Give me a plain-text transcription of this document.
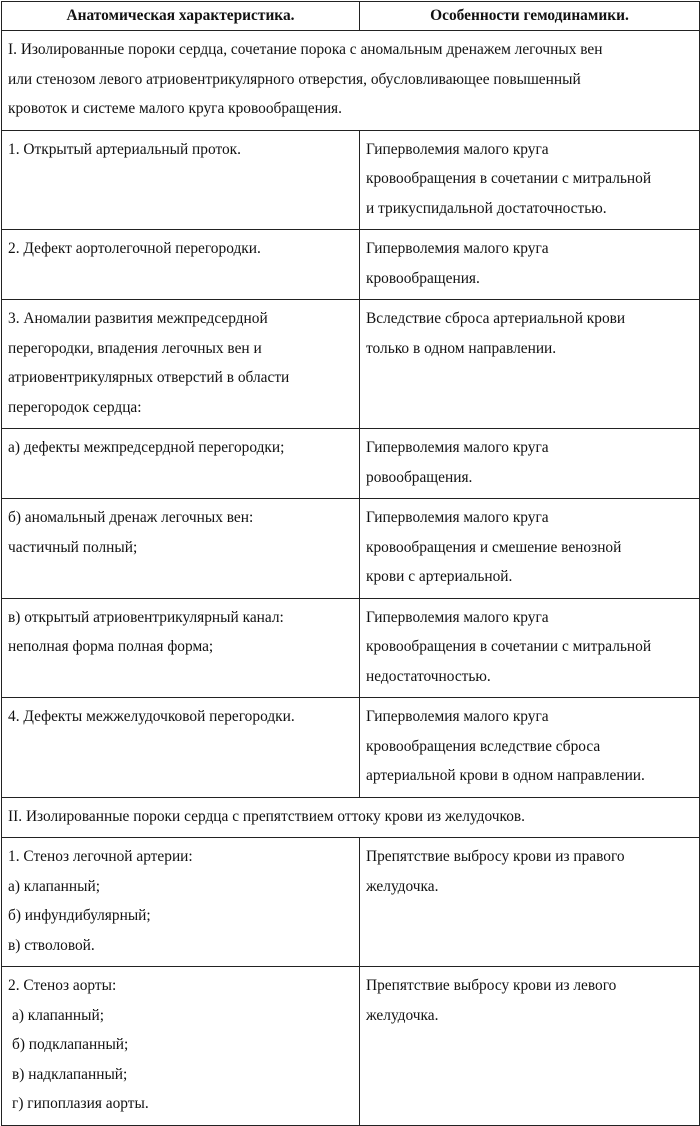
Анатомическая характеристика.	Особенности гемодинамики.

I. Изолированные пороки сердца, сочетание порока с аномальным дренажем легочных вен
или стенозом левого атриовентрикулярного отверстия, обусловливающее повышенный
кровоток и системе малого круга кровообращения.	

1. Открытый артериальный проток.	Гиперволемия малого круга
кровообращения в сочетании с митральной
и трикуспидальной достаточностью.

2. Дефект аортолегочной перегородки.	Гиперволемия малого круга
кровообращения.

3. Аномалии развития межпредсердной
перегородки, впадения легочных вен и
атриовентрикулярных отверстий в области
перегородок сердца:	Вследствие сброса артериальной крови
только в одном направлении.

а) дефекты межпредсердной перегородки;	Гиперволемия малого круга
ровообращения.

б) аномальный дренаж легочных вен:
частичный полный;	Гиперволемия малого круга
кровообращения и смешение венозной
крови с артериальной.

в) открытый атриовентрикулярный канал:
неполная форма полная форма;	Гиперволемия малого круга
кровообращения в сочетании с митральной
недостаточностью.

4. Дефекты межжелудочковой перегородки.	Гиперволемия малого круга
кровообращения вследствие сброса
артериальной крови в одном направлении.

II. Изолированные пороки сердца с препятствием оттоку крови из желудочков.	

1. Стеноз легочной артерии:
а) клапанный;
б) инфундибулярный;
в) стволовой.	Препятствие выбросу крови из правого
желудочка.

2. Стеноз аорты:
а) клапанный;
б) подклапанный;
в) надклапанный;
г) гипоплазия аорты.	Препятствие выбросу крови из левого
желудочка.
